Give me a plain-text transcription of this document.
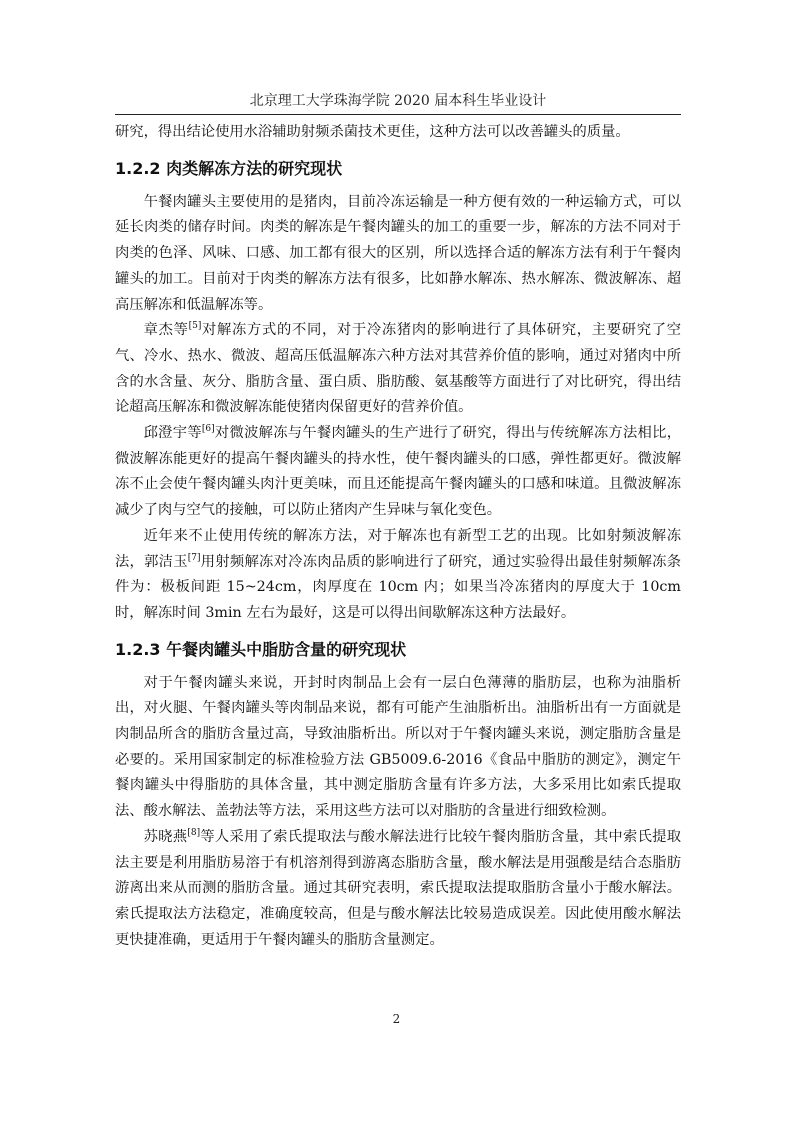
北京理工大学珠海学院 2020 届本科生毕业设计

研究，得出结论使用水浴辅助射频杀菌技术更佳，这种方法可以改善罐头的质量。

1.2.2 肉类解冻方法的研究现状

午餐肉罐头主要使用的是猪肉，目前冷冻运输是一种方便有效的一种运输方式，可以延长肉类的储存时间。肉类的解冻是午餐肉罐头的加工的重要一步，解冻的方法不同对于肉类的色泽、风味、口感、加工都有很大的区别，所以选择合适的解冻方法有利于午餐肉罐头的加工。目前对于肉类的解冻方法有很多，比如静水解冻、热水解冻、微波解冻、超高压解冻和低温解冻等。

章杰等[5]对解冻方式的不同，对于冷冻猪肉的影响进行了具体研究，主要研究了空气、冷水、热水、微波、超高压低温解冻六种方法对其营养价值的影响，通过对猪肉中所含的水含量、灰分、脂肪含量、蛋白质、脂肪酸、氨基酸等方面进行了对比研究，得出结论超高压解冻和微波解冻能使猪肉保留更好的营养价值。

邱澄宇等[6]对微波解冻与午餐肉罐头的生产进行了研究，得出与传统解冻方法相比，微波解冻能更好的提高午餐肉罐头的持水性，使午餐肉罐头的口感，弹性都更好。微波解冻不止会使午餐肉罐头肉汁更美味，而且还能提高午餐肉罐头的口感和味道。且微波解冻减少了肉与空气的接触，可以防止猪肉产生异味与氧化变色。

近年来不止使用传统的解冻方法，对于解冻也有新型工艺的出现。比如射频波解冻法，郭洁玉[7]用射频解冻对冷冻肉品质的影响进行了研究，通过实验得出最佳射频解冻条件为：极板间距 15~24cm，肉厚度在 10cm 内；如果当冷冻猪肉的厚度大于 10cm 时，解冻时间 3min 左右为最好，这是可以得出间歇解冻这种方法最好。

1.2.3 午餐肉罐头中脂肪含量的研究现状

对于午餐肉罐头来说，开封时肉制品上会有一层白色薄薄的脂肪层，也称为油脂析出，对火腿、午餐肉罐头等肉制品来说，都有可能产生油脂析出。油脂析出有一方面就是肉制品所含的脂肪含量过高，导致油脂析出。所以对于午餐肉罐头来说，测定脂肪含量是必要的。采用国家制定的标准检验方法 GB5009.6-2016《食品中脂肪的测定》，测定午餐肉罐头中得脂肪的具体含量，其中测定脂肪含量有许多方法，大多采用比如索氏提取法、酸水解法、盖勃法等方法，采用这些方法可以对脂肪的含量进行细致检测。

苏晓燕[8]等人采用了索氏提取法与酸水解法进行比较午餐肉脂肪含量，其中索氏提取法主要是利用脂肪易溶于有机溶剂得到游离态脂肪含量，酸水解法是用强酸是结合态脂肪游离出来从而测的脂肪含量。通过其研究表明，索氏提取法提取脂肪含量小于酸水解法。索氏提取法方法稳定，准确度较高，但是与酸水解法比较易造成误差。因此使用酸水解法更快捷准确，更适用于午餐肉罐头的脂肪含量测定。

2
